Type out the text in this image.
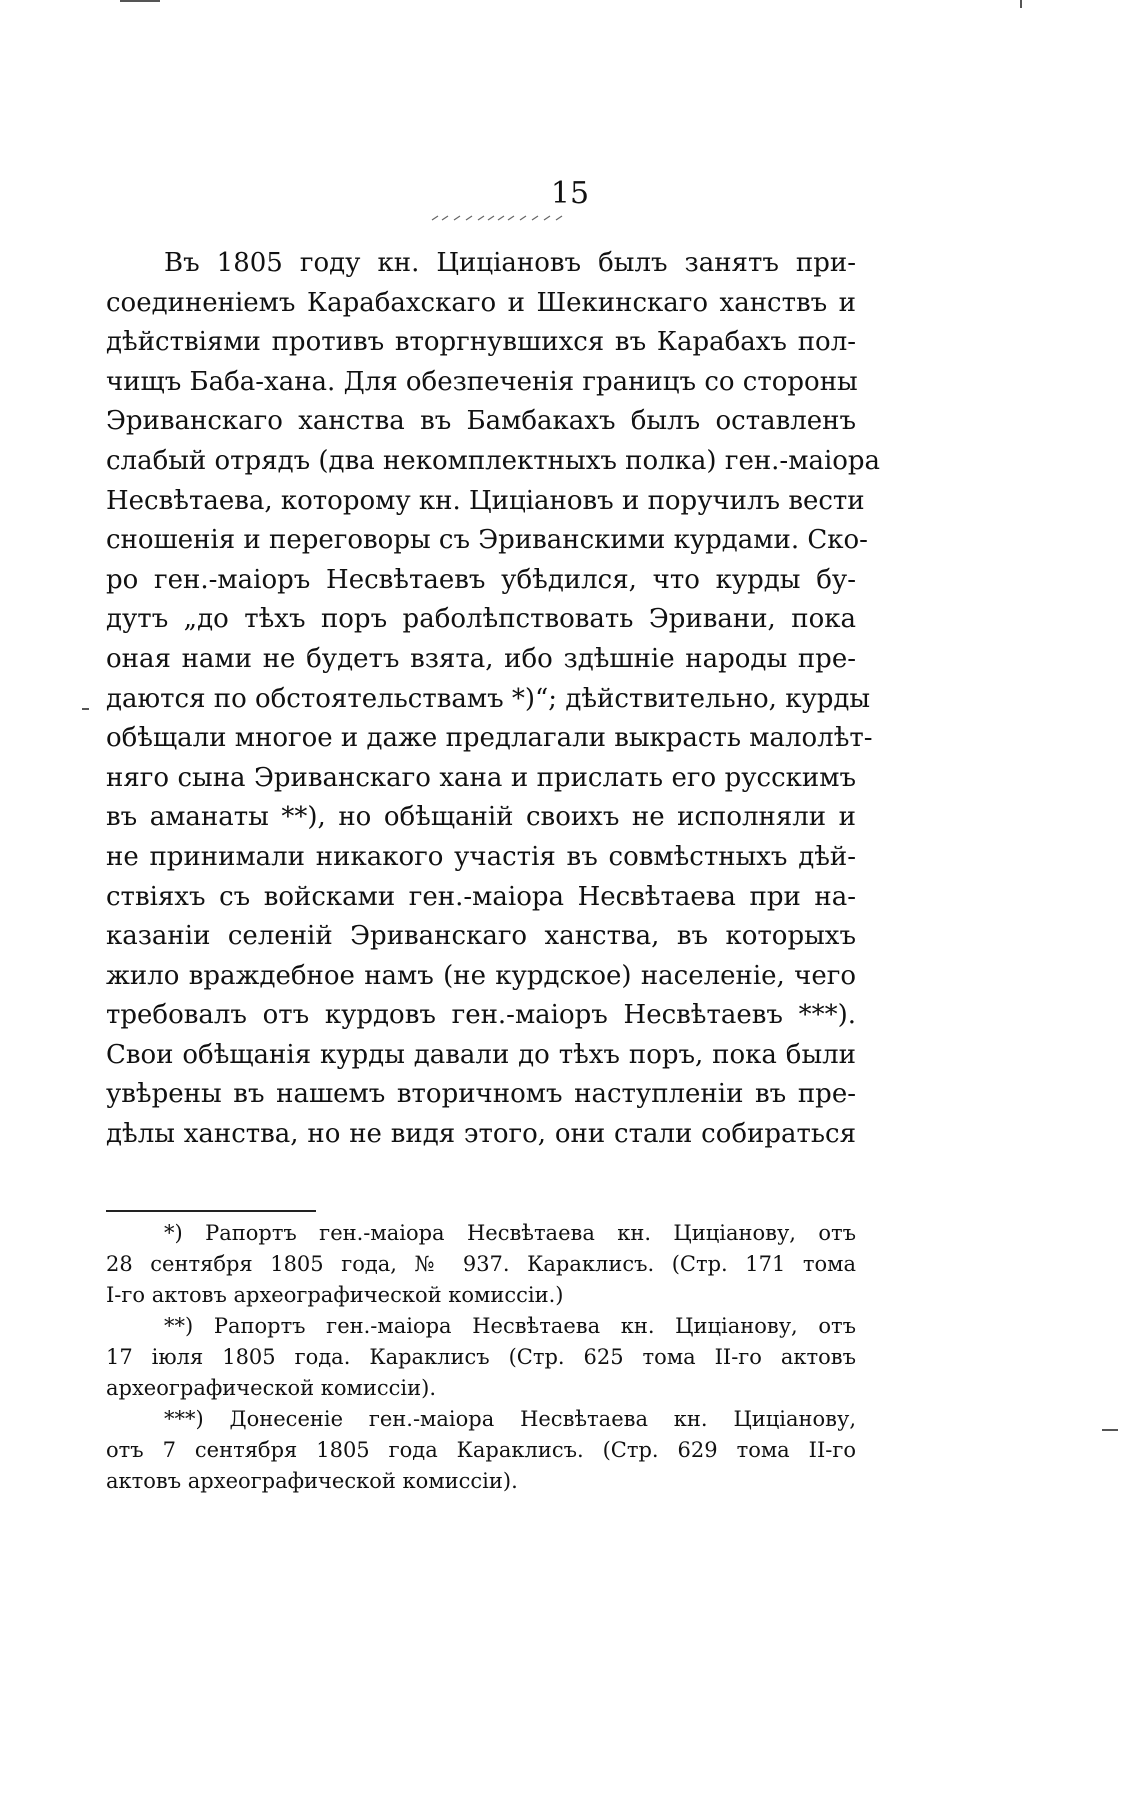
15
Въ 1805 году кн. Циціановъ былъ занятъ при-
соединеніемъ Карабахскаго и Шекинскаго ханствъ и
дѣйствіями противъ вторгнувшихся въ Карабахъ пол-
чищъ Баба-хана. Для обезпеченія границъ со стороны
Эриванскаго ханства въ Бамбакахъ былъ оставленъ
слабый отрядъ (два некомплектныхъ полка) ген.-маіора
Несвѣтаева, которому кн. Циціановъ и поручилъ вести
сношенія и переговоры съ Эриванскими курдами. Ско-
ро ген.-маіоръ Несвѣтаевъ убѣдился, что курды бу-
дутъ „до тѣхъ поръ раболѣпствовать Эривани, пока
оная нами не будетъ взята, ибо здѣшніе народы пре-
даются по обстоятельствамъ *)“; дѣйствительно, курды
обѣщали многое и даже предлагали выкрасть малолѣт-
няго сына Эриванскаго хана и прислать его русскимъ
въ аманаты **), но обѣщаній своихъ не исполняли и
не принимали никакого участія въ совмѣстныхъ дѣй-
ствіяхъ съ войсками ген.-маіора Несвѣтаева при на-
казаніи селеній Эриванскаго ханства, въ которыхъ
жило враждебное намъ (не курдское) населеніе, чего
требовалъ отъ курдовъ ген.-маіоръ Несвѣтаевъ ***).
Свои обѣщанія курды давали до тѣхъ поръ, пока были
увѣрены въ нашемъ вторичномъ наступленіи въ пре-
дѣлы ханства, но не видя этого, они стали собираться
*) Рапортъ ген.-маіора Несвѣтаева кн. Циціанову, отъ
28 сентября 1805 года, № 937. Караклисъ. (Стр. 171 тома
І-го актовъ археографической комиссіи.)
**) Рапортъ ген.-маіора Несвѣтаева кн. Циціанову, отъ
17 іюля 1805 года. Караклисъ (Стр. 625 тома ІІ-го актовъ
археографической комиссіи).
***) Донесеніе ген.-маіора Несвѣтаева кн. Циціанову,
отъ 7 сентября 1805 года Караклисъ. (Стр. 629 тома ІІ-го
актовъ археографической комиссіи).
